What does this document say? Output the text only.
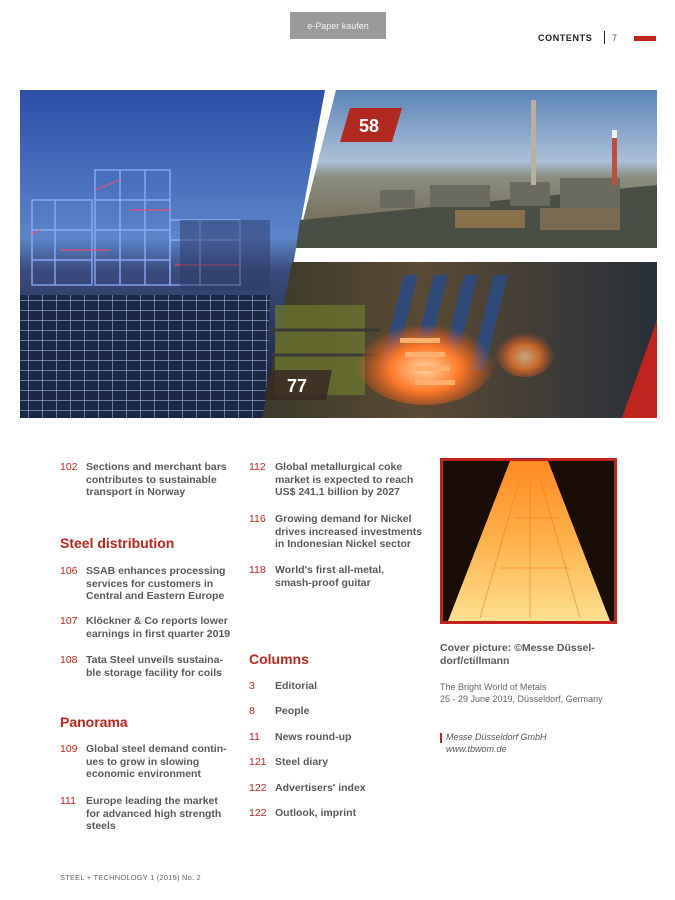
e-Paper kaufen
CONTENTS 7
58
77
102 Sections and merchant bars
contributes to sustainable
transport in Norway
Steel distribution
106 SSAB enhances processing
services for customers in
Central and Eastern Europe
107 Klöckner & Co reports lower
earnings in first quarter 2019
108 Tata Steel unveils sustaina-
ble storage facility for coils
Panorama
109 Global steel demand contin-
ues to grow in slowing
economic environment
111 Europe leading the market
for advanced high strength
steels
112 Global metallurgical coke
market is expected to reach
US$ 241.1 billion by 2027
116 Growing demand for Nickel
drives increased investments
in Indonesian Nickel sector
118 World's first all-metal,
smash-proof guitar
Columns
3	Editorial
8	People
11	News round-up
121 Steel diary
122 Advertisers' index
122 Outlook, imprint
Cover picture: ©Messe Düssel-
dorf/ctillmann
The Bright World of Metals
25 - 29 June 2019, Düsseldorf, Germany
Messe Düsseldorf GmbH
www.tbwom.de
STEEL + TECHNOLOGY 1 (2019) No. 2
